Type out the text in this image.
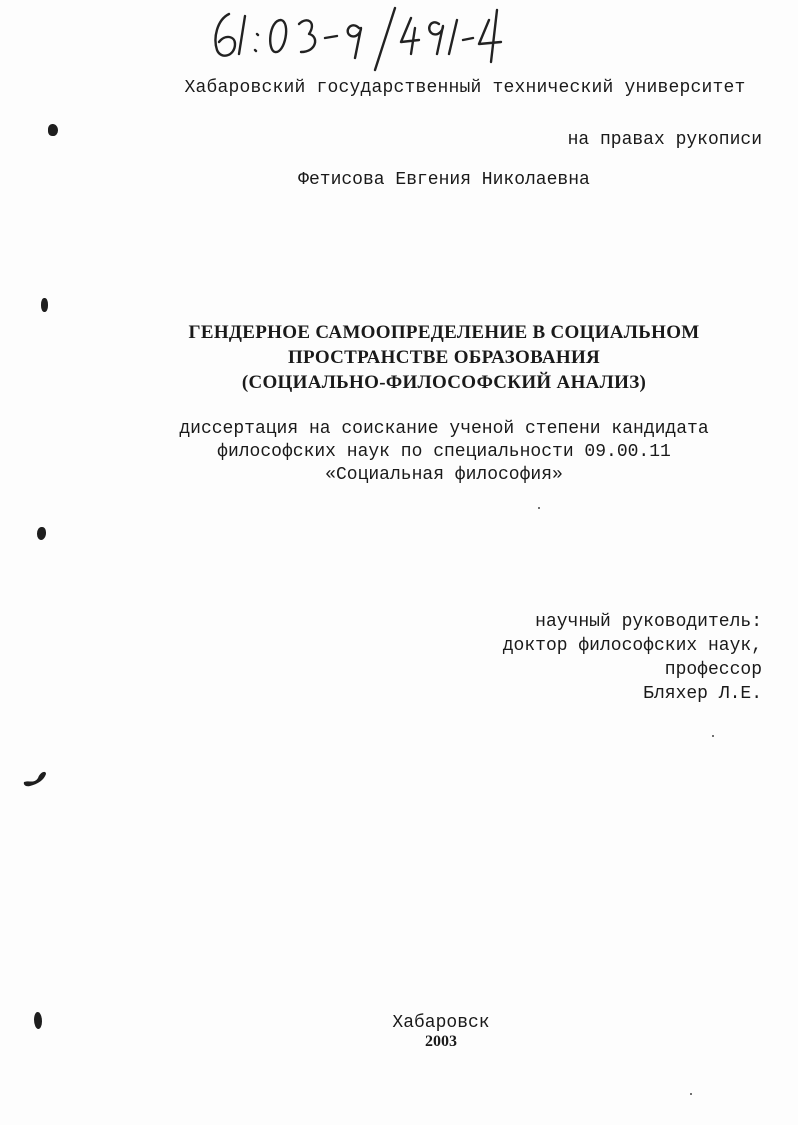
Хабаровский государственный технический университет
на правах рукописи
Фетисова Евгения Николаевна
ГЕНДЕРНОЕ САМООПРЕДЕЛЕНИЕ В СОЦИАЛЬНОМ
ПРОСТРАНСТВЕ ОБРАЗОВАНИЯ
(СОЦИАЛЬНО-ФИЛОСОФСКИЙ АНАЛИЗ)
диссертация на соискание ученой степени кандидата
философских наук по специальности 09.00.11
«Социальная философия»
научный руководитель:
доктор философских наук,
профессор
Бляхер Л.Е.
Хабаровск
2003
